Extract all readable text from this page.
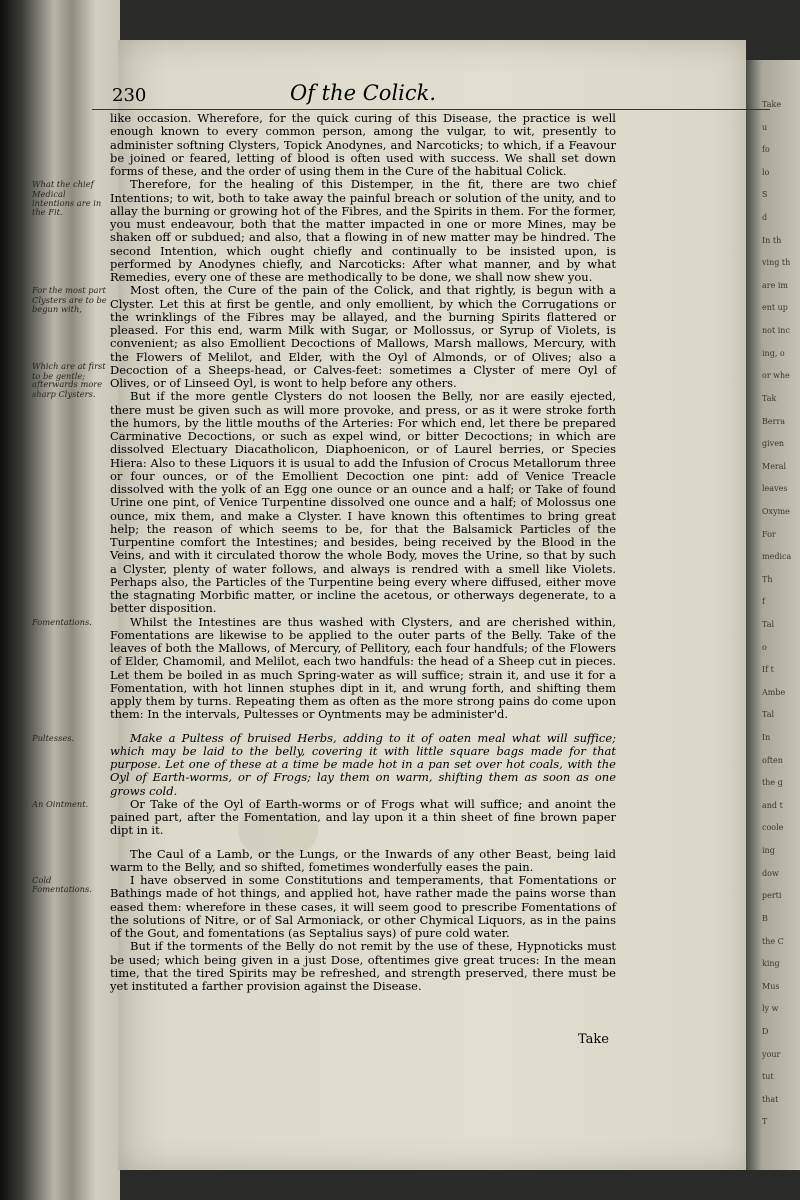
Take
u
fo
lo
S
d
In th
ving th
are im
ent up
not inc
ing, o
or whe
Tak
Berra
given
Meral
leaves
Oxyme
For
medica
Th
f
Tal
o
If t
Ambe
Tal
In
often
the g
and t
coole
ing
dow
perti
B
the C
king
Mus
ly w
D
your
tut
that
T
230	Of the Colick.

like occasion. Wherefore, for the quick curing of this Disease, the practice is well enough known to every common person, among the vulgar, to wit, presently to administer softning Clysters, Topick Anodynes, and Narcoticks; to which, if a Feavour be joined or feared, letting of blood is often used with success. We shall set down forms of these, and the order of using them in the Cure of the habitual Colick.

What the chief Medical intentions are in the Fit.

Therefore, for the healing of this Distemper, in the fit, there are two chief Intentions; to wit, both to take away the painful breach or solution of the unity, and to allay the burning or growing hot of the Fibres, and the Spirits in them. For the former, you must endeavour, both that the matter impacted in one or more Mines, may be shaken off or subdued; and also, that a flowing in of new matter may be hindred. The second Intention, which ought chiefly and continually to be insisted upon, is performed by Anodynes chiefly, and Narcoticks: After what manner, and by what Remedies, every one of these are methodically to be done, we shall now shew you.

For the most part Clysters are to be begun with,
Which are at first to be gentle;

Most often, the Cure of the pain of the Colick, and that rightly, is begun with a Clyster. Let this at first be gentle, and only emollient, by which the Corrugations or the wrinklings of the Fibres may be allayed, and the burning Spirits flattered or pleased. For this end, warm Milk with Sugar, or Mollossus, or Syrup of Violets, is convenient; as also Emollient Decoctions of Mallows, Marsh mallows, Mercury, with the Flowers of Melilot, and Elder, with the Oyl of Almonds, or of Olives; also a Decoction of a Sheeps-head, or Calves-feet: sometimes a Clyster of mere Oyl of Olives, or of Linseed Oyl, is wont to help before any others.

afterwards more sharp Clysters.	But if the more gentle Clysters do not loosen the Belly, nor are easily ejected, there must be given such as will more provoke, and press, or as it were stroke forth the humors, by the little mouths of the Arteries: For which end, let there be prepared Carminative Decoctions, or such as expel wind, or bitter Decoctions; in which are dissolved Electuary Diacatholicon, Diaphoenicon, or of Laurel berries, or Species Hiera: Also to these Liquors it is usual to add the Infusion of Crocus Metallorum three or four ounces, or of the Emollient Decoction one pint: add of Venice Treacle dissolved with the yolk of an Egg one ounce or an ounce and a half; or Take of found Urine one pint, of Venice Turpentine dissolved one ounce and a half; of Molossus one ounce, mix them, and make a Clyster. I have known this oftentimes to bring great help; the reason of which seems to be, for that the Balsamick Particles of the Turpentine comfort the Intestines; and besides, being received by the Blood in the Veins, and with it circulated thorow the whole Body, moves the Urine, so that by such a Clyster, plenty of water follows, and always is rendred with a smell like Violets. Perhaps also, the Particles of the Turpentine being every where diffused, either move the stagnating Morbific matter, or incline the acetous, or otherways degenerate, to a better disposition.

Fomentations.	Whilst the Intestines are thus washed with Clysters, and are cherished within, Fomentations are likewise to be applied to the outer parts of the Belly. Take of the leaves of both the Mallows, of Mercury, of Pellitory, each four handfuls; of the Flowers of Elder, Chamomil, and Melilot, each two handfuls: the head of a Sheep cut in pieces. Let them be boiled in as much Spring-water as will suffice; strain it, and use it for a Fomentation, with hot linnen stuphes dipt in it, and wrung forth, and shifting them apply them by turns. Repeating them as often as the more strong pains do come upon them: In the intervals, Pultesses or Oyntments may be administer'd.

Pultesses.	Make a Pultess of bruised Herbs, adding to it of oaten meal what will suffice; which may be laid to the belly, covering it with little square bags made for that purpose. Let one of these at a time be made hot in a pan set over hot coals, with the Oyl of Earth-worms, or of Frogs; lay them on warm, shifting them as soon as one grows cold.

An Ointment.	Or Take of the Oyl of Earth-worms or of Frogs what will suffice; and anoint the pained part, after the Fomentation, and lay upon it a thin sheet of fine brown paper dipt in it.

The Caul of a Lamb, or the Lungs, or the Inwards of any other Beast, being laid warm to the Belly, and so shifted, fometimes wonderfully eases the pain.

Cold Fomentations.

I have observed in some Constitutions and temperaments, that Fomentations or Bathings made of hot things, and applied hot, have rather made the pains worse than eased them: wherefore in these cases, it will seem good to prescribe Fomentations of the solutions of Nitre, or of Sal Armoniack, or other Chymical Liquors, as in the pains of the Gout, and fomentations (as Septalius says) of pure cold water.

But if the torments of the Belly do not remit by the use of these, Hypnoticks must be used; which being given in a just Dose, oftentimes give great truces: In the mean time, that the tired Spirits may be refreshed, and strength preserved, there must be yet instituted a farther provision against the Disease.

Take
